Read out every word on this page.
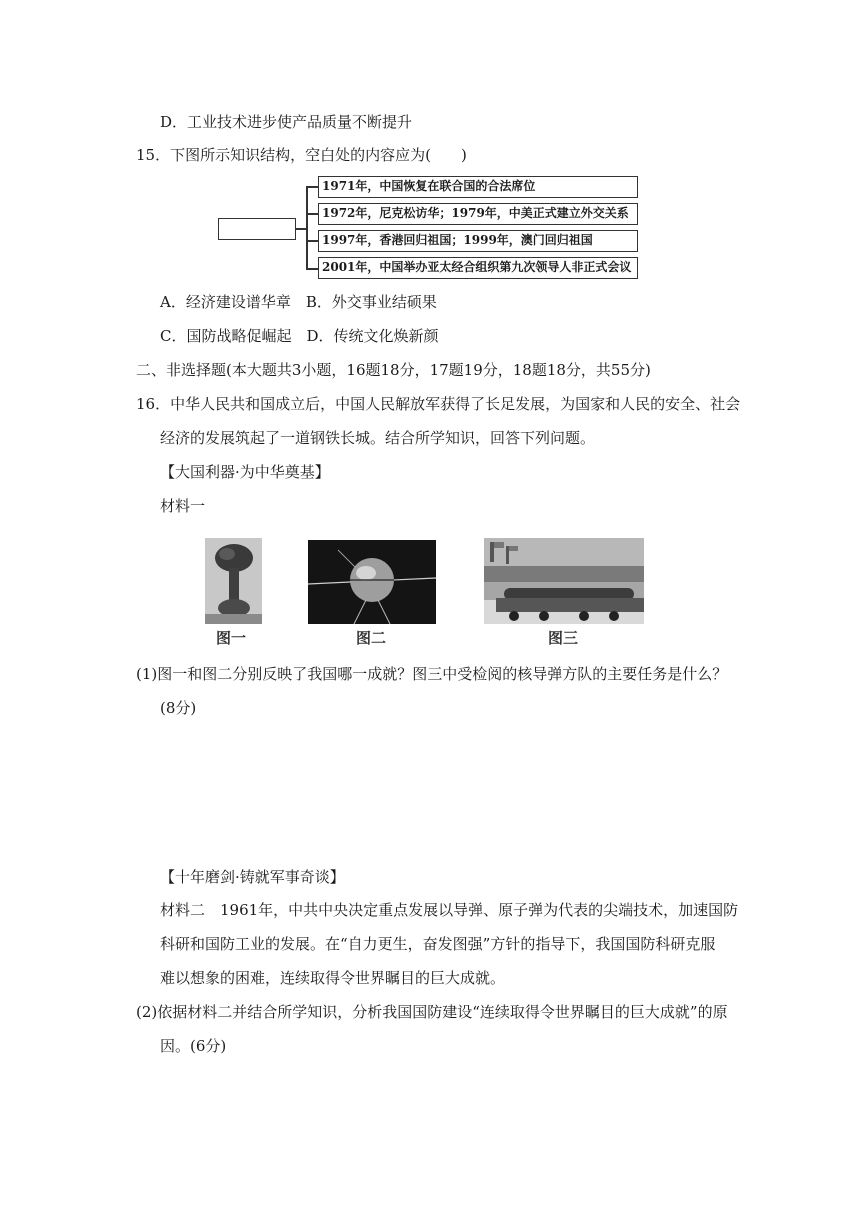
D．工业技术进步使产品质量不断提升
15．下图所示知识结构，空白处的内容应为(　　)
1971年，中国恢复在联合国的合法席位
1972年，尼克松访华；1979年，中美正式建立外交关系
1997年，香港回归祖国；1999年，澳门回归祖国
2001年，中国举办亚太经合组织第九次领导人非正式会议
A．经济建设谱华章　B．外交事业结硕果
C．国防战略促崛起　D．传统文化焕新颜
二、非选择题(本大题共3小题，16题18分，17题19分，18题18分，共55分)
16．中华人民共和国成立后，中国人民解放军获得了长足发展，为国家和人民的安全、社会
经济的发展筑起了一道钢铁长城。结合所学知识，回答下列问题。
【大国利器·为中华奠基】
材料一
图一	图二	图三
(1)图一和图二分别反映了我国哪一成就？图三中受检阅的核导弹方队的主要任务是什么？
(8分)
【十年磨剑·铸就军事奇谈】
材料二　1961年，中共中央决定重点发展以导弹、原子弹为代表的尖端技术，加速国防
科研和国防工业的发展。在“自力更生，奋发图强”方针的指导下，我国国防科研克服
难以想象的困难，连续取得令世界瞩目的巨大成就。
(2)依据材料二并结合所学知识，分析我国国防建设“连续取得令世界瞩目的巨大成就”的原
因。(6分)
